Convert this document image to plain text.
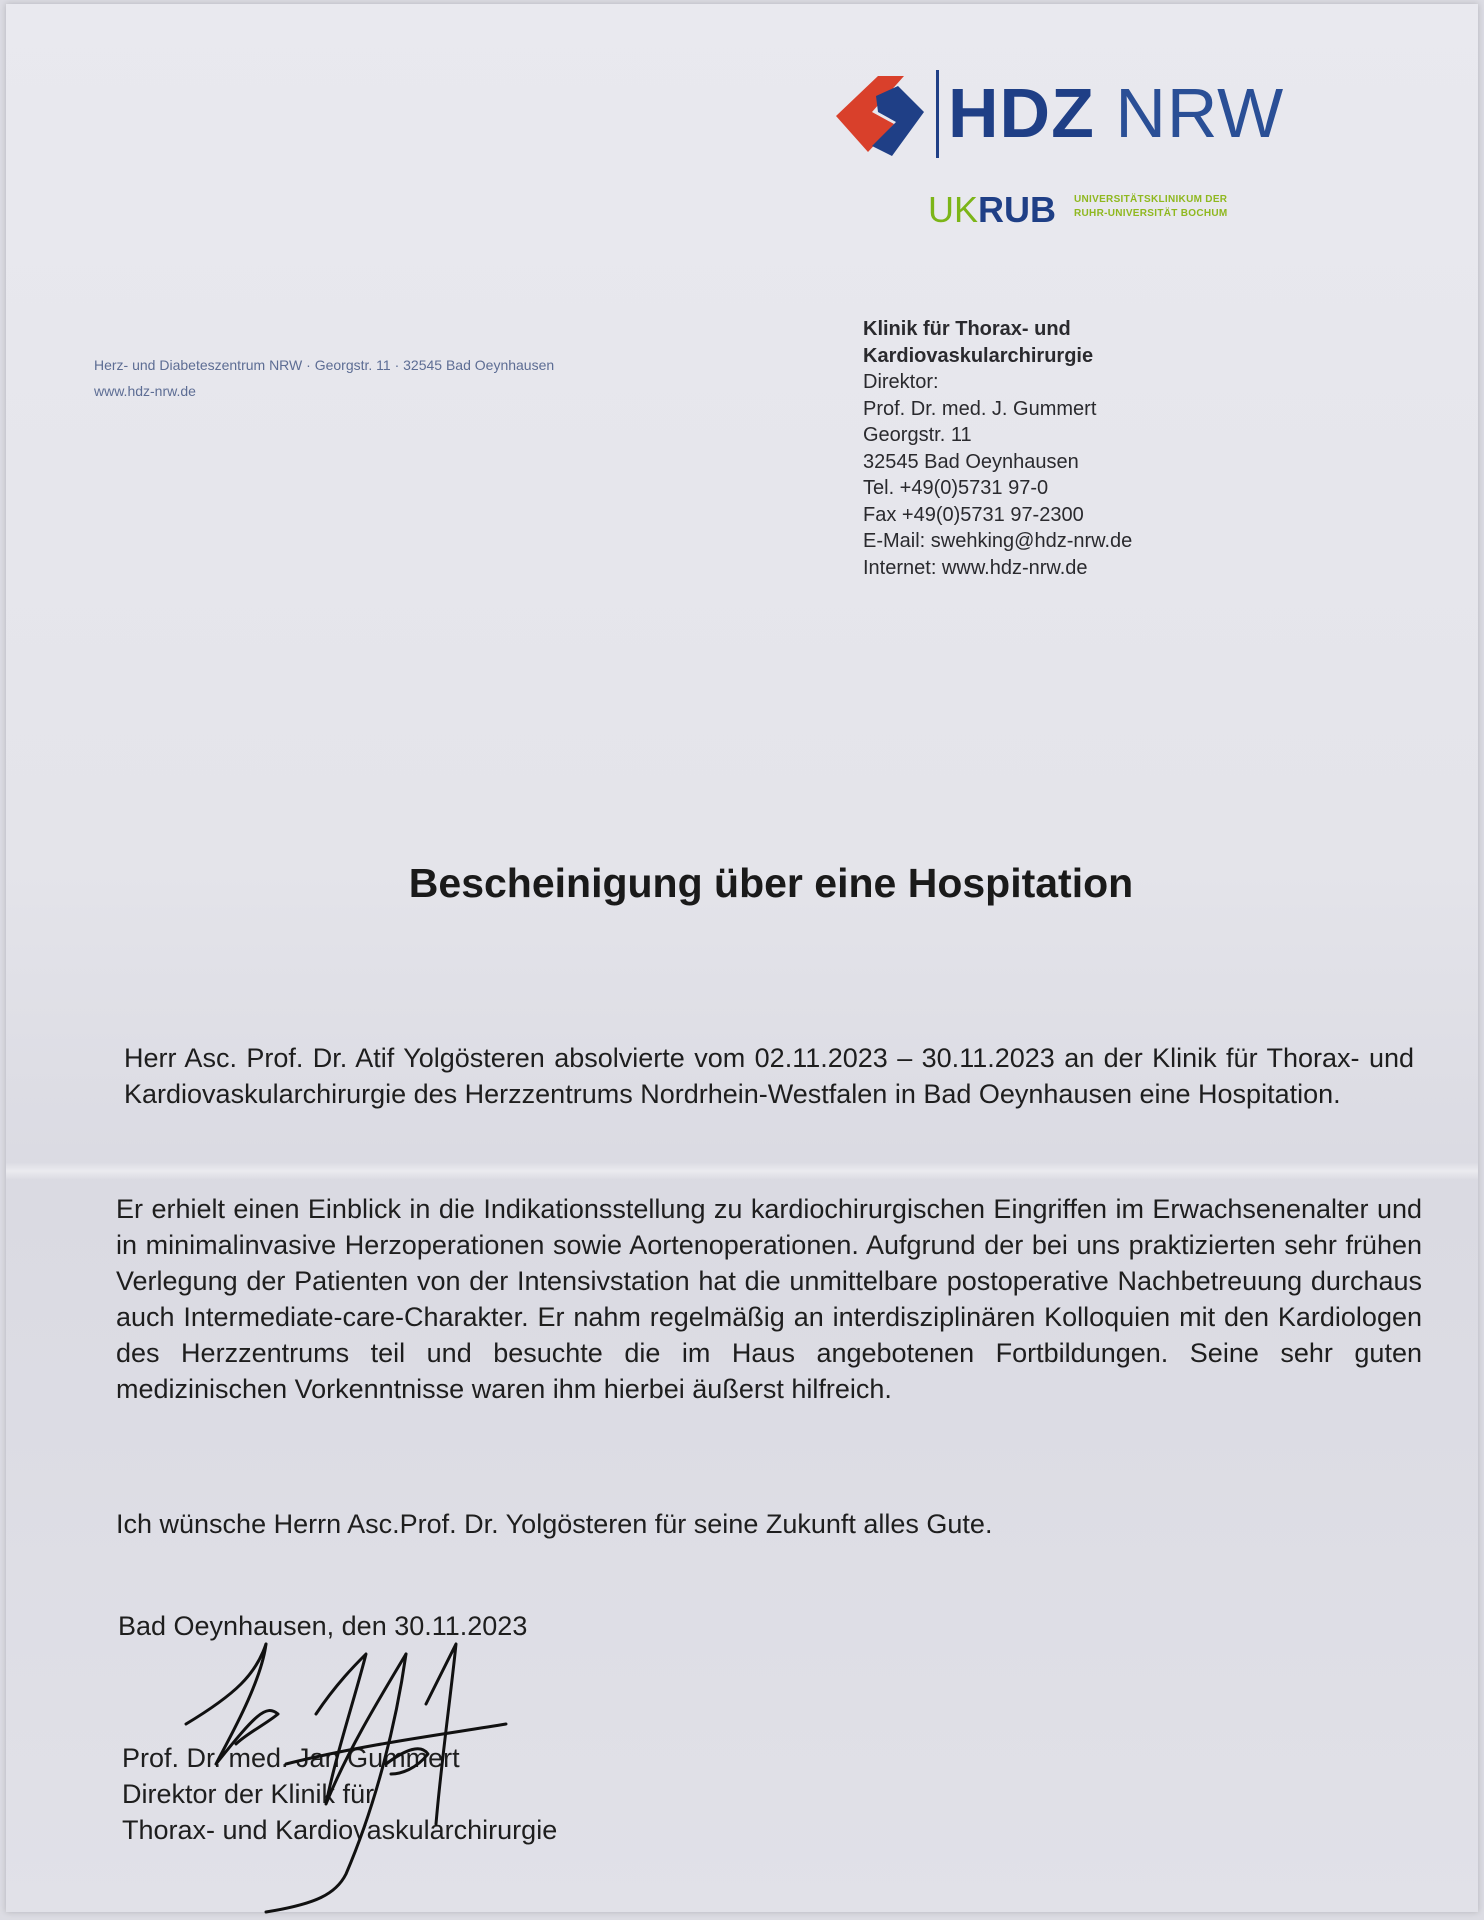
HDZ NRW
UKRUB UNIVERSITÄTSKLINIKUM DER
RUHR-UNIVERSITÄT BOCHUM
Herz- und Diabeteszentrum NRW · Georgstr. 11 · 32545 Bad Oeynhausen
www.hdz-nrw.de
Klinik für Thorax- und
Kardiovaskularchirurgie
Direktor:
Prof. Dr. med. J. Gummert
Georgstr. 11
32545 Bad Oeynhausen
Tel. +49(0)5731 97-0
Fax +49(0)5731 97-2300
E-Mail: swehking@hdz-nrw.de
Internet: www.hdz-nrw.de
Bescheinigung über eine Hospitation
Herr Asc. Prof. Dr. Atif Yolgösteren absolvierte vom 02.11.2023 – 30.11.2023 an der Klinik für Thorax- und Kardiovaskularchirurgie des Herzzentrums Nordrhein-Westfalen in Bad Oeynhausen eine Hospitation.
Er erhielt einen Einblick in die Indikationsstellung zu kardiochirurgischen Eingriffen im Erwachsenenalter und in minimalinvasive Herzoperationen sowie Aortenoperationen. Aufgrund der bei uns praktizierten sehr frühen Verlegung der Patienten von der Intensivstation hat die unmittelbare postoperative Nachbetreuung durchaus auch Intermediate-care-Charakter. Er nahm regelmäßig an interdisziplinären Kolloquien mit den Kardiologen des Herzzentrums teil und besuchte die im Haus angebotenen Fortbildungen. Seine sehr guten medizinischen Vorkenntnisse waren ihm hierbei äußerst hilfreich.
Ich wünsche Herrn Asc.Prof. Dr. Yolgösteren für seine Zukunft alles Gute.
Bad Oeynhausen, den 30.11.2023
Prof. Dr. med. Jan Gummert
Direktor der Klinik für
Thorax- und Kardiovaskularchirurgie
